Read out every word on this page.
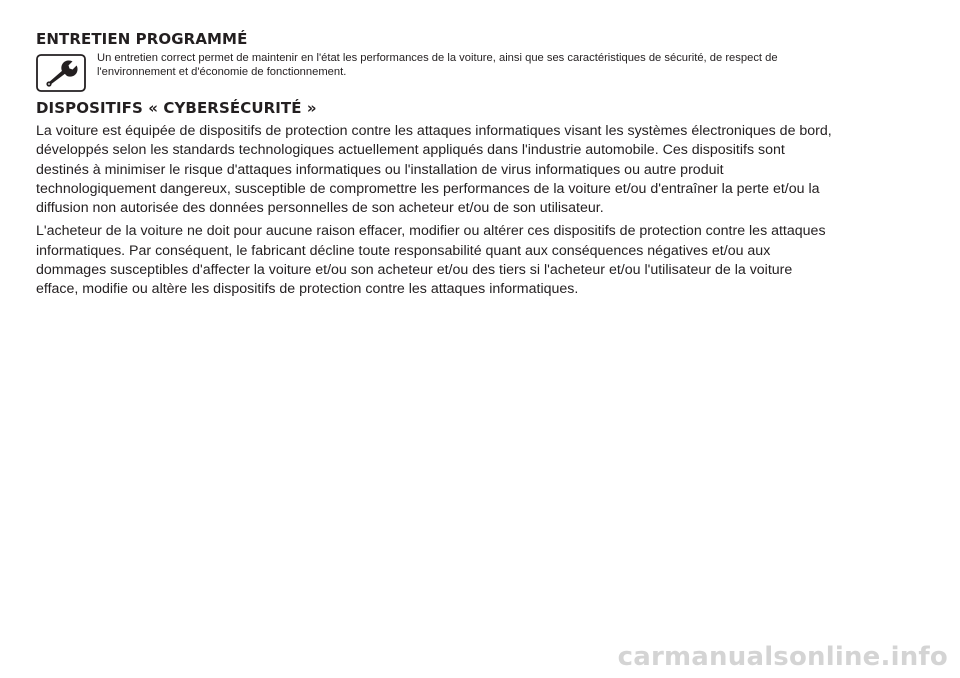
ENTRETIEN PROGRAMMÉ

Un entretien correct permet de maintenir en l'état les performances de la voiture, ainsi que ses caractéristiques de sécurité, de respect de l'environnement et d'économie de fonctionnement.

DISPOSITIFS « CYBERSÉCURITÉ »

La voiture est équipée de dispositifs de protection contre les attaques informatiques visant les systèmes électroniques de bord, développés selon les standards technologiques actuellement appliqués dans l'industrie automobile. Ces dispositifs sont destinés à minimiser le risque d'attaques informatiques ou l'installation de virus informatiques ou autre produit technologiquement dangereux, susceptible de compromettre les performances de la voiture et/ou d'entraîner la perte et/ou la diffusion non autorisée des données personnelles de son acheteur et/ou de son utilisateur.

L'acheteur de la voiture ne doit pour aucune raison effacer, modifier ou altérer ces dispositifs de protection contre les attaques informatiques. Par conséquent, le fabricant décline toute responsabilité quant aux conséquences négatives et/ou aux dommages susceptibles d'affecter la voiture et/ou son acheteur et/ou des tiers si l'acheteur et/ou l'utilisateur de la voiture efface, modifie ou altère les dispositifs de protection contre les attaques informatiques.

carmanualsonline.info
